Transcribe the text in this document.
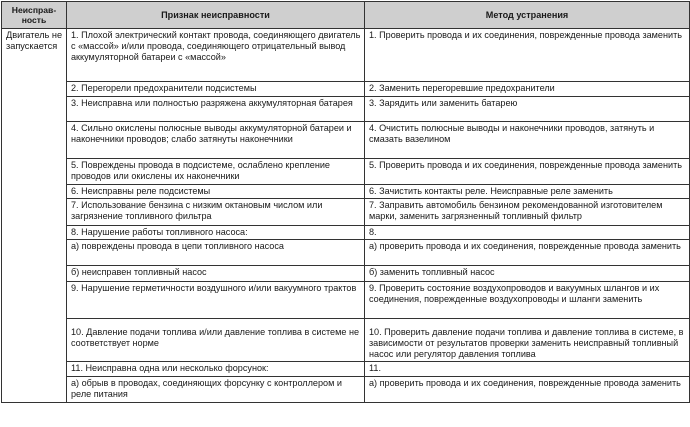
Неисправ-ность	Признак неисправности	Метод устранения
Двигатель не запускается	1. Плохой электрический контакт провода, соединяющего двигатель с «массой» и/или провода, соединяющего отрицательный вывод аккумуляторной батареи с «массой»	1. Проверить провода и их соединения, поврежденные провода заменить
	2. Перегорели предохранители подсистемы	2. Заменить перегоревшие предохранители
	3. Неисправна или полностью разряжена аккумуляторная батарея	3. Зарядить или заменить батарею
	4. Сильно окислены полюсные выводы аккумуляторной батареи и наконечники проводов; слабо затянуты наконечники	4. Очистить полюсные выводы и наконечники проводов, затянуть и смазать вазелином
	5. Повреждены провода в подсистеме, ослаблено крепление проводов или окислены их наконечники	5. Проверить провода и их соединения, поврежденные провода заменить
	6. Неисправны реле подсистемы	6. Зачистить контакты реле. Неисправные реле заменить
	7. Использование бензина с низким октановым числом или загрязнение топливного фильтра	7. Заправить автомобиль бензином рекомендованной изготовителем марки, заменить загрязненный топливный фильтр
	8. Нарушение работы топливного насоса:	8.
	а) повреждены провода в цепи топливного насоса	а) проверить провода и их соединения, поврежденные провода заменить
	б) неисправен топливный насос	б) заменить топливный насос
	9. Нарушение герметичности воздушного и/или вакуумного трактов	9. Проверить состояние воздухопроводов и вакуумных шлангов и их соединения, поврежденные воздухопроводы и шланги заменить
	10. Давление подачи топлива и/или давление топлива в системе не соответствует норме	10. Проверить давление подачи топлива и давление топлива в системе, в зависимости от результатов проверки заменить неисправный топливный насос или регулятор давления топлива
	11. Неисправна одна или несколько форсунок:	11.
	а) обрыв в проводах, соединяющих форсунку с контроллером и реле питания	а) проверить провода и их соединения, поврежденные провода заменить
